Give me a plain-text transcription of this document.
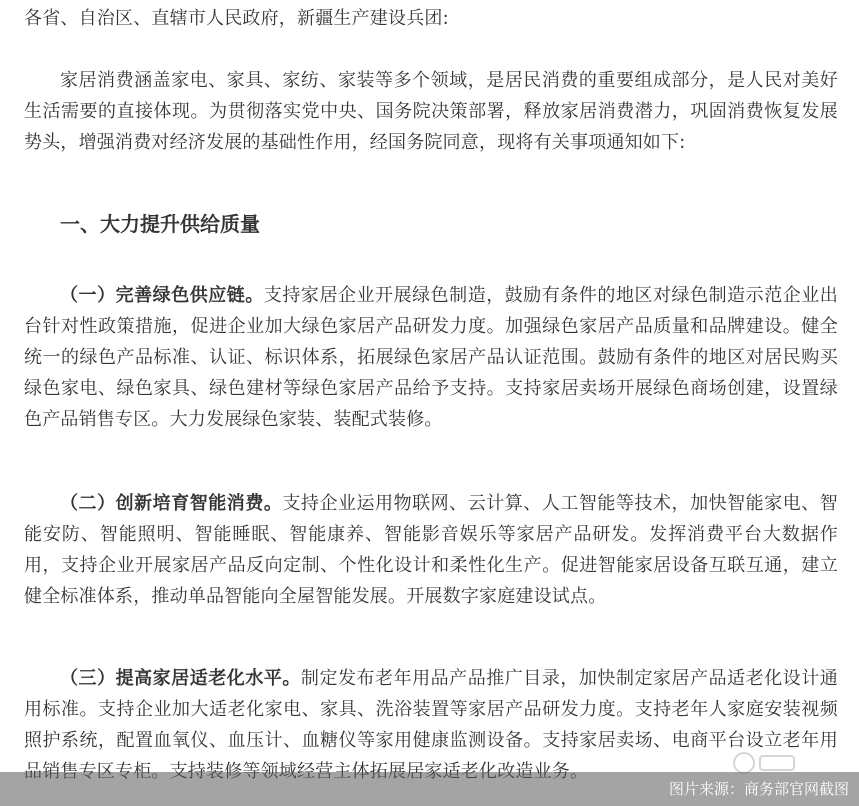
各省、自治区、直辖市人民政府，新疆生产建设兵团:

家居消费涵盖家电、家具、家纺、家装等多个领域，是居民消费的重要组成部分，是人民对美好生活需要的直接体现。为贯彻落实党中央、国务院决策部署，释放家居消费潜力，巩固消费恢复发展势头，增强消费对经济发展的基础性作用，经国务院同意，现将有关事项通知如下:

一、大力提升供给质量

（一）完善绿色供应链。支持家居企业开展绿色制造，鼓励有条件的地区对绿色制造示范企业出台针对性政策措施，促进企业加大绿色家居产品研发力度。加强绿色家居产品质量和品牌建设。健全统一的绿色产品标准、认证、标识体系，拓展绿色家居产品认证范围。鼓励有条件的地区对居民购买绿色家电、绿色家具、绿色建材等绿色家居产品给予支持。支持家居卖场开展绿色商场创建，设置绿色产品销售专区。大力发展绿色家装、装配式装修。

（二）创新培育智能消费。支持企业运用物联网、云计算、人工智能等技术，加快智能家电、智能安防、智能照明、智能睡眠、智能康养、智能影音娱乐等家居产品研发。发挥消费平台大数据作用，支持企业开展家居产品反向定制、个性化设计和柔性化生产。促进智能家居设备互联互通，建立健全标准体系，推动单品智能向全屋智能发展。开展数字家庭建设试点。

（三）提高家居适老化水平。制定发布老年用品产品推广目录，加快制定家居产品适老化设计通用标准。支持企业加大适老化家电、家具、洗浴装置等家居产品研发力度。支持老年人家庭安装视频照护系统，配置血氧仪、血压计、血糖仪等家用健康监测设备。支持家居卖场、电商平台设立老年用

图片来源：商务部官网截图
